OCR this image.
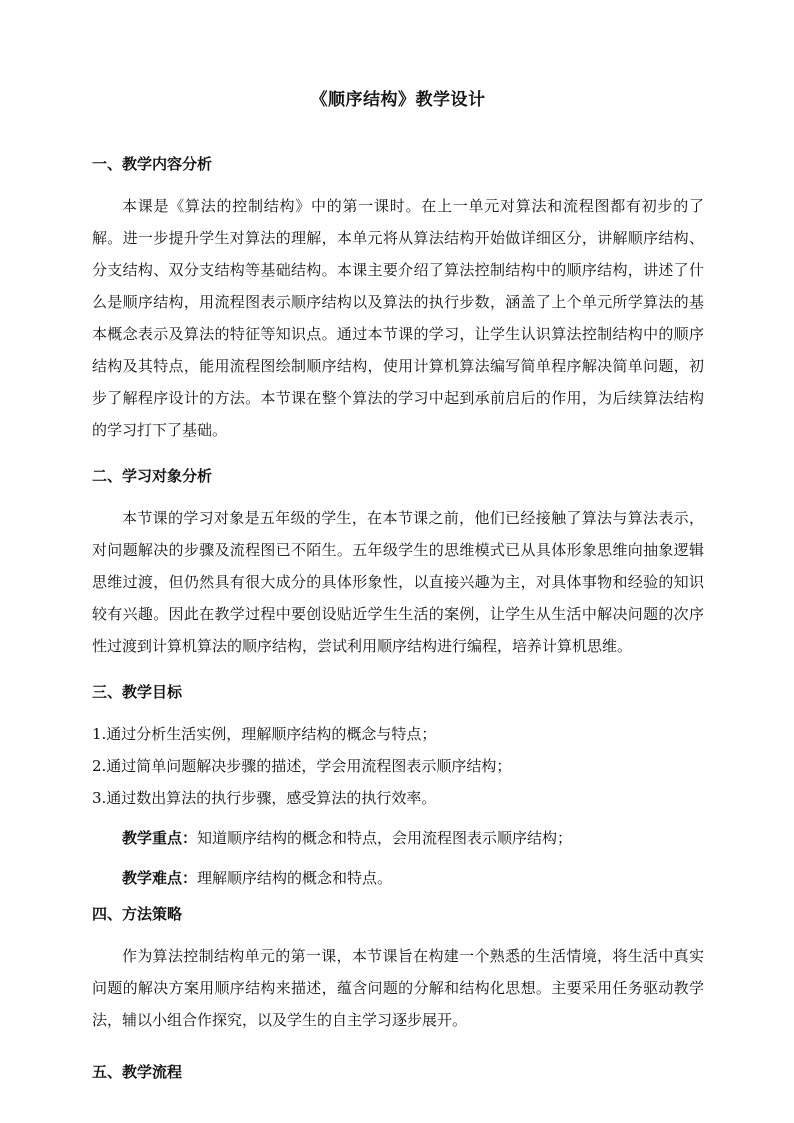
《顺序结构》教学设计
一、教学内容分析

本课是《算法的控制结构》中的第一课时。在上一单元对算法和流程图都有初步的了解。进一步提升学生对算法的理解，本单元将从算法结构开始做详细区分，讲解顺序结构、分支结构、双分支结构等基础结构。本课主要介绍了算法控制结构中的顺序结构，讲述了什么是顺序结构，用流程图表示顺序结构以及算法的执行步数，涵盖了上个单元所学算法的基本概念表示及算法的特征等知识点。通过本节课的学习，让学生认识算法控制结构中的顺序结构及其特点，能用流程图绘制顺序结构，使用计算机算法编写简单程序解决简单问题，初步了解程序设计的方法。本节课在整个算法的学习中起到承前启后的作用，为后续算法结构的学习打下了基础。

二、学习对象分析

本节课的学习对象是五年级的学生，在本节课之前，他们已经接触了算法与算法表示，对问题解决的步骤及流程图已不陌生。五年级学生的思维模式已从具体形象思维向抽象逻辑思维过渡，但仍然具有很大成分的具体形象性，以直接兴趣为主，对具体事物和经验的知识较有兴趣。因此在教学过程中要创设贴近学生生活的案例，让学生从生活中解决问题的次序性过渡到计算机算法的顺序结构，尝试利用顺序结构进行编程，培养计算机思维。

三、教学目标
1.通过分析生活实例，理解顺序结构的概念与特点；
2.通过简单问题解决步骤的描述，学会用流程图表示顺序结构；
3.通过数出算法的执行步骤，感受算法的执行效率。

教学重点：知道顺序结构的概念和特点，会用流程图表示顺序结构；

教学难点：理解顺序结构的概念和特点。

四、方法策略

作为算法控制结构单元的第一课，本节课旨在构建一个熟悉的生活情境，将生活中真实问题的解决方案用顺序结构来描述，蕴含问题的分解和结构化思想。主要采用任务驱动教学法，辅以小组合作探究，以及学生的自主学习逐步展开。

五、教学流程
